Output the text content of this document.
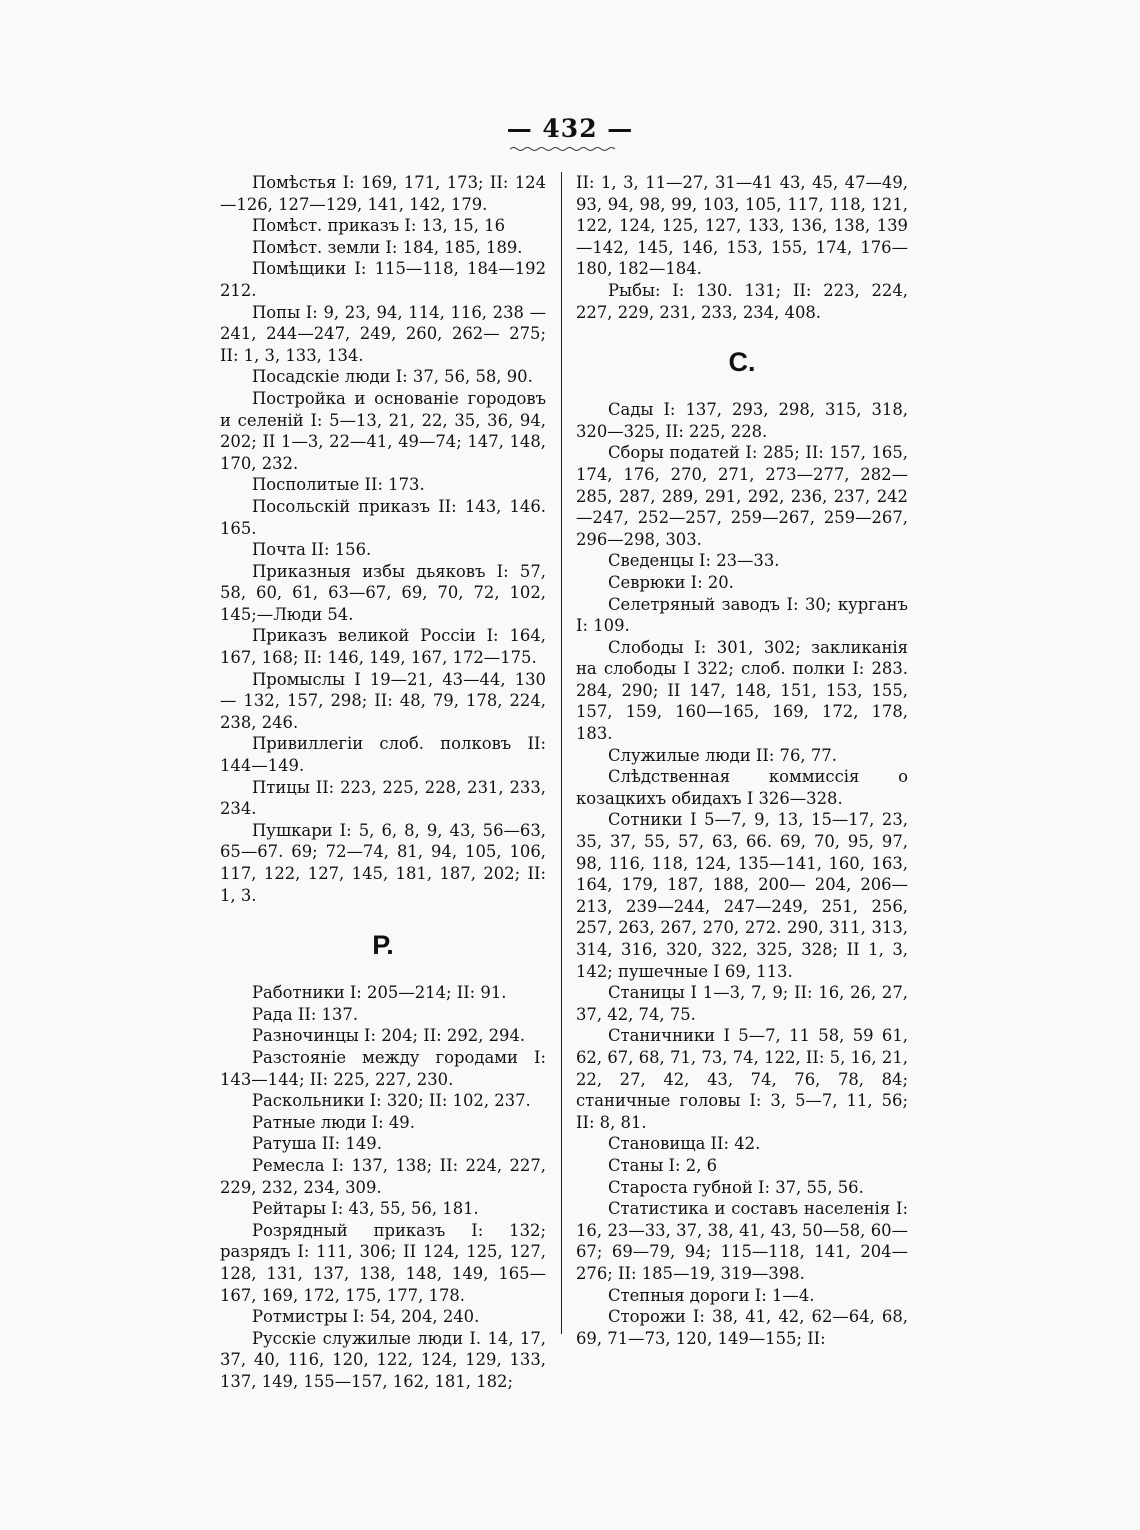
— 432 —

Помѣстья I: 169, 171, 173; II: 124 —126, 127—129, 141, 142, 179.

Помѣст. приказъ I: 13, 15, 16

Помѣст. земли I: 184, 185, 189.

Помѣщики I: 115—118, 184—192 212.

Попы I: 9, 23, 94, 114, 116, 238 —241, 244—247, 249, 260, 262— 275; II: 1, 3, 133, 134.

Посадскіе люди I: 37, 56, 58, 90.

Постройка и основаніе городовъ и селеній I: 5—13, 21, 22, 35, 36, 94, 202; II 1—3, 22—41, 49—74; 147, 148, 170, 232.

Посполитые II: 173.

Посольскій приказъ II: 143, 146. 165.

Почта II: 156.

Приказныя избы дьяковъ I: 57, 58, 60, 61, 63—67, 69, 70, 72, 102, 145;—Люди 54.

Приказъ великой Россіи I: 164, 167, 168; II: 146, 149, 167, 172—175.

Промыслы I 19—21, 43—44, 130— 132, 157, 298; II: 48, 79, 178, 224, 238, 246.

Привиллегіи слоб. полковъ II: 144—149.

Птицы II: 223, 225, 228, 231, 233, 234.

Пушкари I: 5, 6, 8, 9, 43, 56—63, 65—67. 69; 72—74, 81, 94, 105, 106, 117, 122, 127, 145, 181, 187, 202; II: 1, 3.

Р.

Работники I: 205—214; II: 91.

Рада II: 137.

Разночинцы I: 204; II: 292, 294.

Разстояніе между городами I: 143—144; II: 225, 227, 230.

Раскольники I: 320; II: 102, 237.

Ратные люди I: 49.

Ратуша II: 149.

Ремесла I: 137, 138; II: 224, 227, 229, 232, 234, 309.

Рейтары I: 43, 55, 56, 181.

Розрядный приказъ I: 132; разрядъ I: 111, 306; II 124, 125, 127, 128, 131, 137, 138, 148, 149, 165— 167, 169, 172, 175, 177, 178.

Ротмистры I: 54, 204, 240.

Русскіе служилые люди I. 14, 17, 37, 40, 116, 120, 122, 124, 129, 133, 137, 149, 155—157, 162, 181, 182;

II: 1, 3, 11—27, 31—41 43, 45, 47—49, 93, 94, 98, 99, 103, 105, 117, 118, 121, 122, 124, 125, 127, 133, 136, 138, 139—142, 145, 146, 153, 155, 174, 176—180, 182—184.

Рыбы: I: 130. 131; II: 223, 224, 227, 229, 231, 233, 234, 408.

С.

Сады I: 137, 293, 298, 315, 318, 320—325, II: 225, 228.

Сборы податей I: 285; II: 157, 165, 174, 176, 270, 271, 273—277, 282—285, 287, 289, 291, 292, 236, 237, 242—247, 252—257, 259—267, 259—267, 296—298, 303.

Сведенцы I: 23—33.

Севрюки I: 20.

Селетряный заводъ I: 30; курганъ I: 109.

Слободы I: 301, 302; закликанія на слободы I 322; слоб. полки I: 283. 284, 290; II 147, 148, 151, 153, 155, 157, 159, 160—165, 169, 172, 178, 183.

Служилые люди II: 76, 77.

Слѣдственная коммиссія о козацкихъ обидахъ I 326—328.

Сотники I 5—7, 9, 13, 15—17, 23, 35, 37, 55, 57, 63, 66. 69, 70, 95, 97, 98, 116, 118, 124, 135—141, 160, 163, 164, 179, 187, 188, 200— 204, 206—213, 239—244, 247—249, 251, 256, 257, 263, 267, 270, 272. 290, 311, 313, 314, 316, 320, 322, 325, 328; II 1, 3, 142; пушечные I 69, 113.

Станицы I 1—3, 7, 9; II: 16, 26, 27, 37, 42, 74, 75.

Станичники I 5—7, 11 58, 59 61, 62, 67, 68, 71, 73, 74, 122, II: 5, 16, 21, 22, 27, 42, 43, 74, 76, 78, 84; станичные головы I: 3, 5—7, 11, 56; II: 8, 81.

Становища II: 42.

Станы I: 2, 6

Староста губной I: 37, 55, 56.

Статистика и составъ населенія I: 16, 23—33, 37, 38, 41, 43, 50—58, 60—67; 69—79, 94; 115—118, 141, 204—276; II: 185—19, 319—398.

Степныя дороги I: 1—4.

Сторожи I: 38, 41, 42, 62—64, 68, 69, 71—73, 120, 149—155; II:
